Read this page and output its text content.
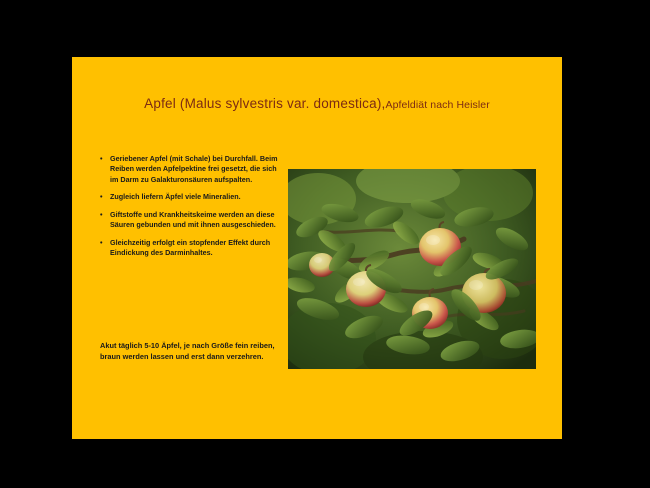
Apfel (Malus sylvestris var. domestica),Apfeldiät nach Heisler
•	Geriebener Apfel (mit Schale) bei Durchfall. Beim Reiben werden Apfelpektine frei gesetzt, die sich im Darm zu Galakturonsäuren aufspalten.
•	Zugleich liefern Äpfel viele Mineralien.
•	Giftstoffe und Krankheitskeime werden an diese Säuren gebunden und mit ihnen ausgeschieden.
•	Gleichzeitig erfolgt ein stopfender Effekt durch Eindickung des Darminhaltes.
Akut täglich 5-10 Äpfel, je nach Größe fein reiben, braun werden lassen und erst dann verzehren.
